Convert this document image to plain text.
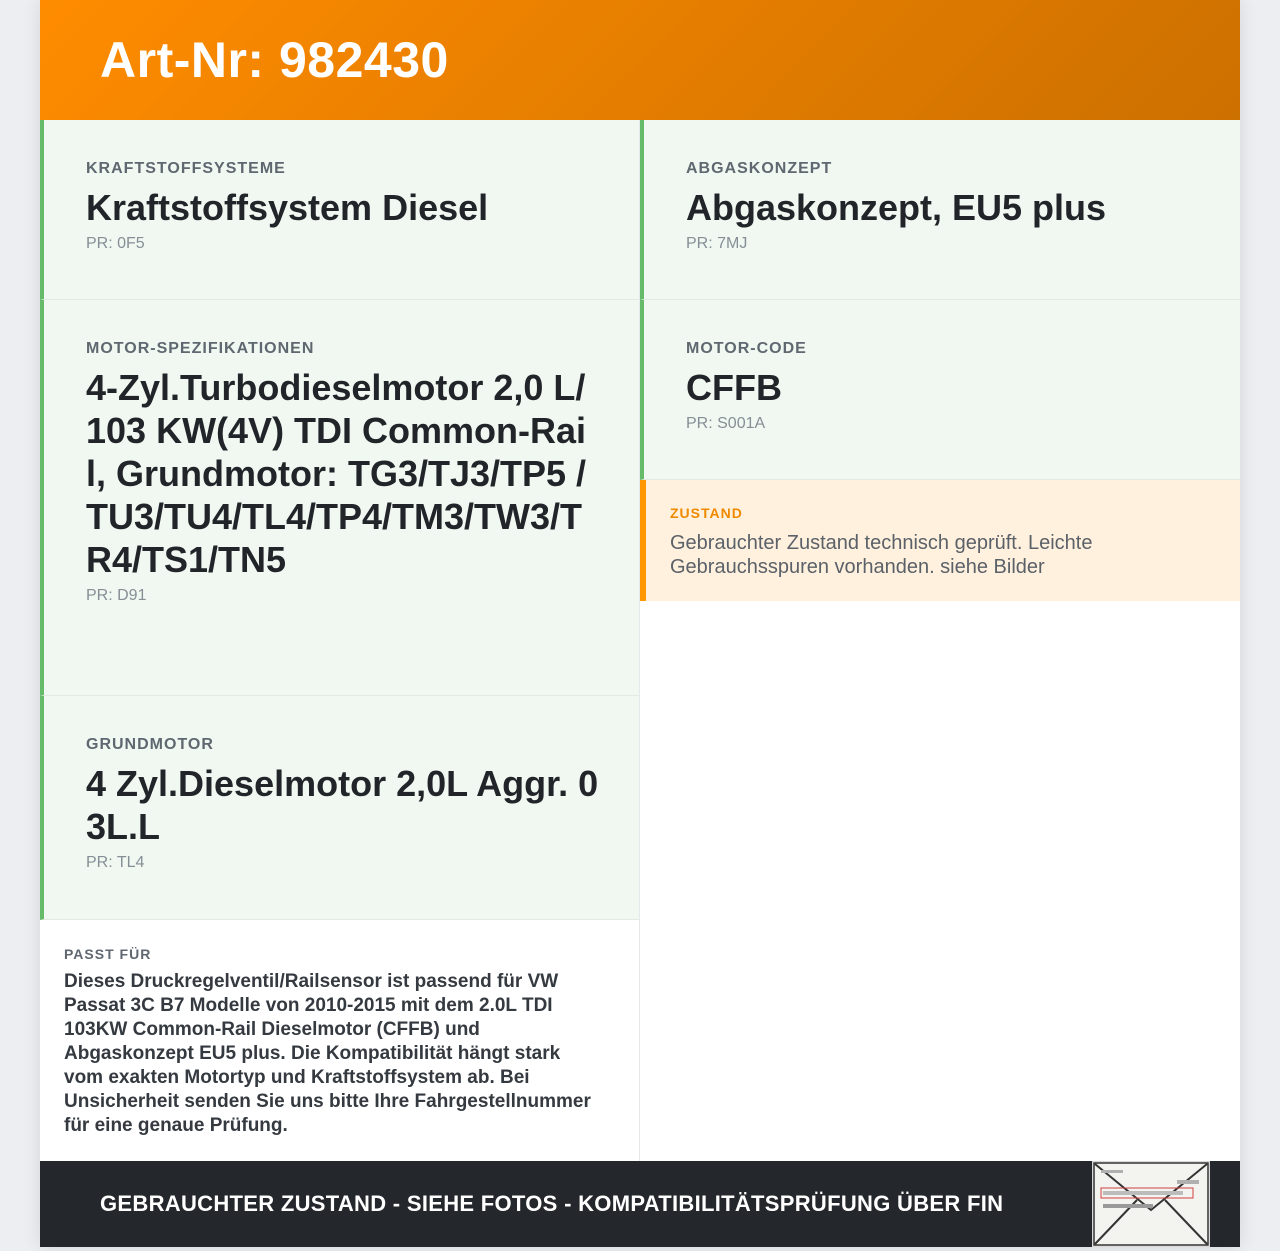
Art-Nr: 982430
KRAFTSTOFFSYSTEME
Kraftstoffsystem Diesel
PR: 0F5
MOTOR-SPEZIFIKATIONEN
4-Zyl.Turbodieselmotor 2,0 L/103 KW(4V) TDI Common-Rail, Grundmotor: TG3/TJ3/TP5 /TU3/TU4/TL4/TP4/TM3/TW3/TR4/TS1/TN5
PR: D91
GRUNDMOTOR
4 Zyl.Dieselmotor 2,0L Aggr. 03L.L
PR: TL4
PASST FÜR
Dieses Druckregelventil/Railsensor ist passend für VW Passat 3C B7 Modelle von 2010-2015 mit dem 2.0L TDI 103KW Common-Rail Dieselmotor (CFFB) und Abgaskonzept EU5 plus. Die Kompatibilität hängt stark vom exakten Motortyp und Kraftstoffsystem ab. Bei Unsicherheit senden Sie uns bitte Ihre Fahrgestellnummer für eine genaue Prüfung.
ABGASKONZEPT
Abgaskonzept, EU5 plus
PR: 7MJ
MOTOR-CODE
CFFB
PR: S001A
ZUSTAND
Gebrauchter Zustand technisch geprüft. Leichte Gebrauchsspuren vorhanden. siehe Bilder
GEBRAUCHTER ZUSTAND - SIEHE FOTOS - KOMPATIBILITÄTSPRÜFUNG ÜBER FIN
